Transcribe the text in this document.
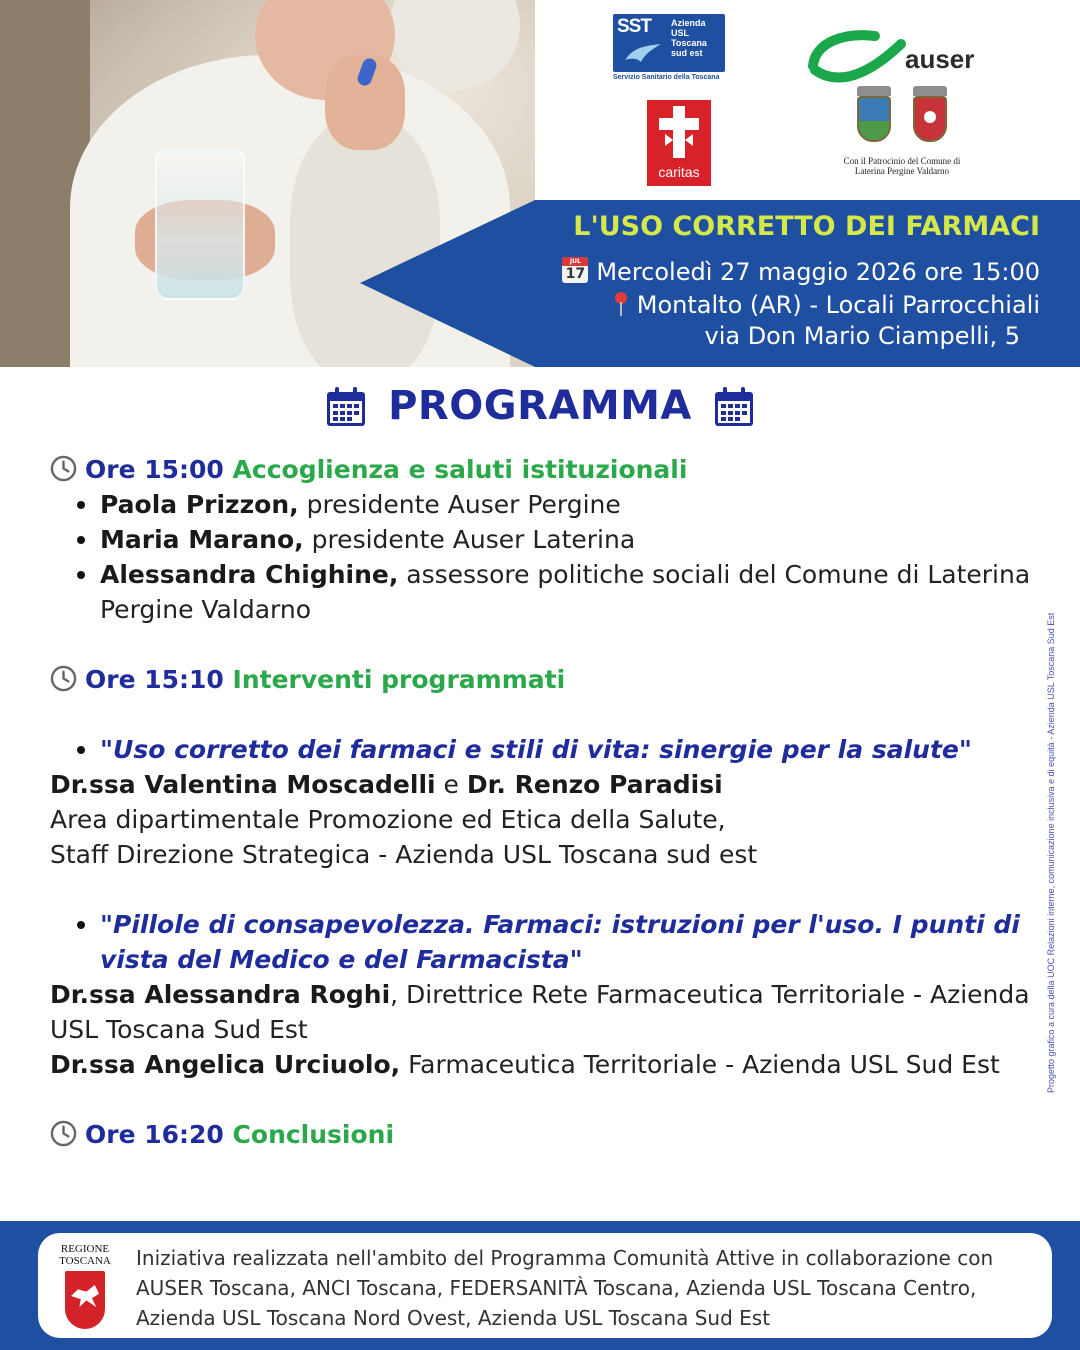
SST Azienda
USL
Toscana
sud est
Servizio Sanitario della Toscana
auser
caritas
Con il Patrocinio del Comune di
Laterina Pergine Valdarno
L'USO CORRETTO DEI FARMACI
JUL
17 Mercoledì 27 maggio 2026 ore 15:00
Montalto (AR) - Locali Parrocchiali
via Don Mario Ciampelli, 5
PROGRAMMA
Ore 15:00 Accoglienza e saluti istituzionali
Paola Prizzon, presidente Auser Pergine
Maria Marano, presidente Auser Laterina
Alessandra Chighine, assessore politiche sociali del Comune di Laterina Pergine Valdarno
Ore 15:10 Interventi programmati
"Uso corretto dei farmaci e stili di vita: sinergie per la salute"
Dr.ssa Valentina Moscadelli e Dr. Renzo Paradisi
Area dipartimentale Promozione ed Etica della Salute,
Staff Direzione Strategica - Azienda USL Toscana sud est
"Pillole di consapevolezza. Farmaci: istruzioni per l'uso. I punti di vista del Medico e del Farmacista"
Dr.ssa Alessandra Roghi, Direttrice Rete Farmaceutica Territoriale - Azienda USL Toscana Sud Est
Dr.ssa Angelica Urciuolo, Farmaceutica Territoriale - Azienda USL Sud Est
Ore 16:20 Conclusioni
Progetto grafico a cura della UOC Relazioni interne, comunicazione inclusiva e di equità - Azienda USL Toscana Sud Est
REGIONE
TOSCANA Iniziativa realizzata nell'ambito del Programma Comunità Attive in collaborazione con AUSER Toscana, ANCI Toscana, FEDERSANITÀ Toscana, Azienda USL Toscana Centro, Azienda USL Toscana Nord Ovest, Azienda USL Toscana Sud Est
